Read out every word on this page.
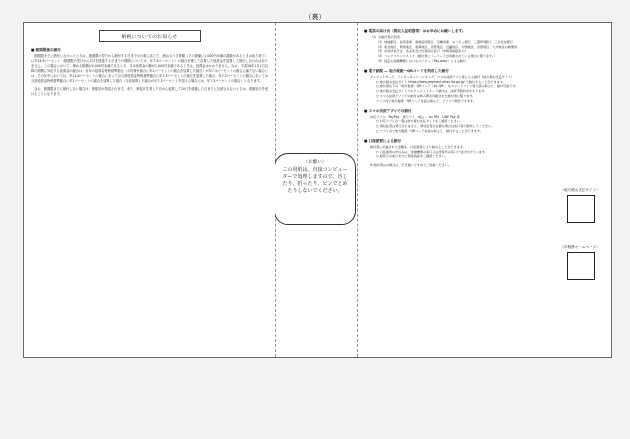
（裏）
納税についてのお知らせ
■ 納期限後の納付
　納期限までに納付しなかったときは、納期限の翌日から納付する日までの日数に応じて、納めるべき税額（その税額に1,000円未満の端数があるときは切り捨て）に年14.6パーセント（納期限の翌日から2月を経過する日までの期間については、年7.3パーセント）の割合を乗じて計算した延滞金を加算して納付しなければなりません。この場合において、納める税額が2,000円未満であるとき、又は延滞金の額が1,000円未満であるときは、延滞金はかかりません。なお、平成26年1月1日以降の期間に対応する延滞金の割合は、各年の延滞金特例基準割合（平均貸付割合に年1パーセントの割合を加算した割合）が年7.3パーセントの割合に満たない場合には、その年中においては、年14.6パーセントの割合にあっては当該延滞金特例基準割合に年7.3パーセントの割合を加算した割合、年7.3パーセントの割合にあっては当該延滞金特例基準割合に年1パーセントの割合を加算した割合（当該加算した割合が年7.3パーセントを超える場合には、年7.3パーセントの割合）となります。
　なお、納期限までに納付しない場合は、督促状が発送されます。また、督促状を発した日から起算して10日を経過した日までに完納されないときは、滞納処分を受けることになります。
（お願い）
この用紙は、直接コンピューターで処理しますので、汚したり、折ったり、ピンでとめたりしないでください。
■ 電話の届け出（税収入証明書等）はお早めにお願いします。
（1）お納付書の利用
（1）地域銀行、信用金庫、漁業協同組合、労働金庫、ゆうちょ銀行、三菱UFJ銀行、三井住友銀行
（2）東北地区、関東地区、東海地区、北陸地区、近畿地区、中国地区、四国地区、九州地区の郵便局
（3）市役所本庁舎、各支所及び出張所の窓口（市税等取扱窓口）
（4）コンビニエンスストア（納付書にバーコードが印刷されている場合に限ります。）
（5）指定の金融機関におけるペイジー（Pay-easy）による納付
■ 電子納税 — 地方税統一QRコードを利用した納付
クレジットカード、インターネットバンキング、スマホ決済アプリ等による納付（地方税お支払サイト）
○ 地方税お支払サイト https://www.payment.eltax.lta.go.jp/ で納付することができます。
○ 納付書右下の「地方税統一QRコード（eL-QR）」をスマートフォン等で読み取ると、納付可能です。
○ 地方税お支払サイトでのクレジットカード納付は、決済手数料がかかります。
○ スマホ決済アプリでの納付はeL-QRが印刷された納付書に限ります。
アプリ内で地方税統一QRコードを読み取ると、アプリで納付できます。
■ スマホ決済アプリでの納付
対応アプリ：PayPay、楽天ペイ、d払い、au PAY、LINE Pay 等
○ 対応アプリの一覧は地方税お支払サイトをご確認ください。
○ 領収証書は発行されません。領収証書が必要な場合は窓口等で納付してください。
○ アプリ内で地方税統一QRコードを読み取ると、納付することができます。
■ 口座振替による納付
納付書に記載された金額を、口座振替により納めることができます。
○ 口座振替の申込みは、金融機関の窓口又は市役所の窓口で受け付けています。
○ 振替日の前日までに預金残高をご確認ください。
※ 納付済みの場合は、行き違いですのでご容赦ください。
（地方税お支払サイト）
（市税務ホームページ）
